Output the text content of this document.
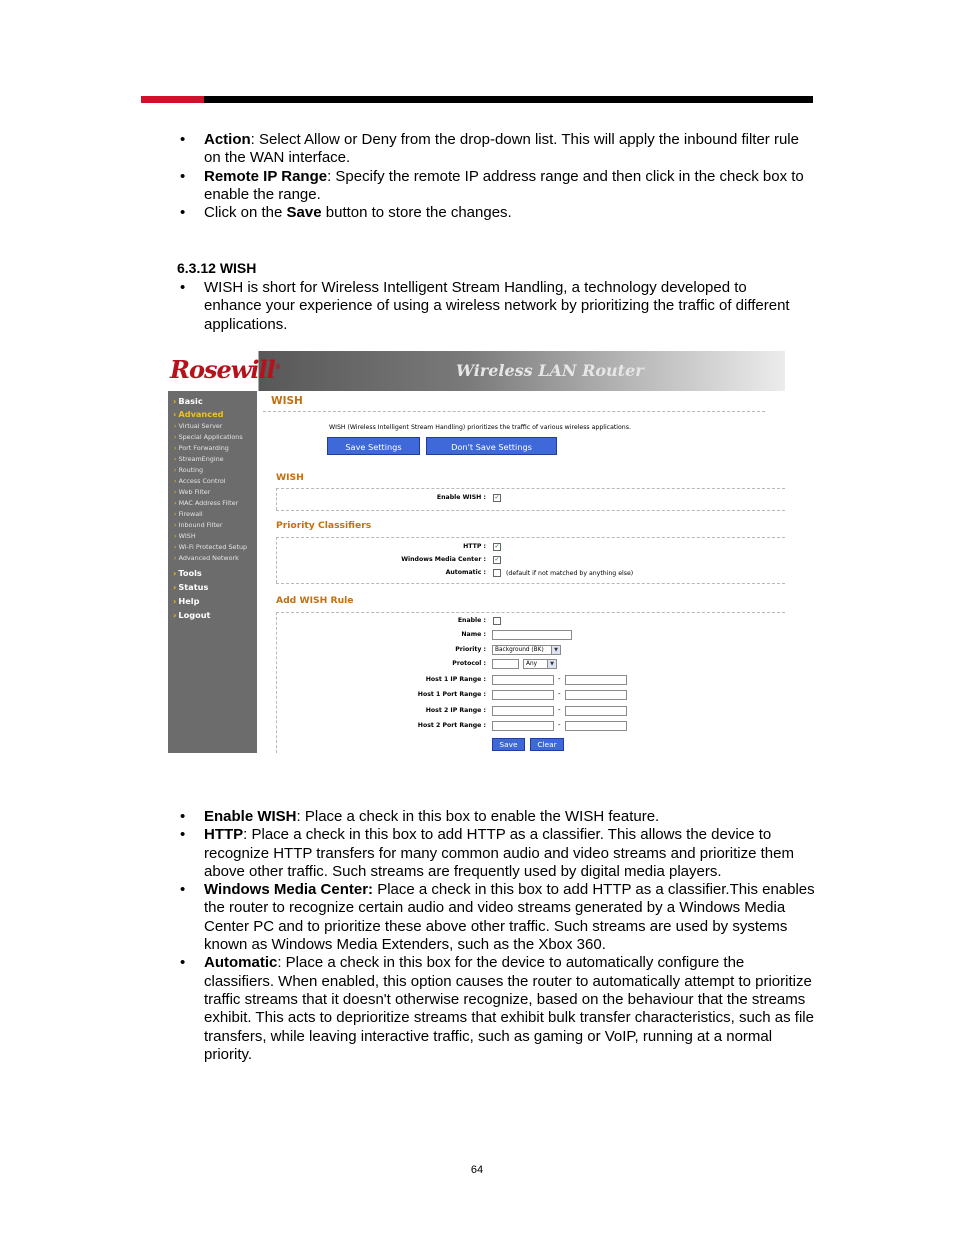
• Action: Select Allow or Deny from the drop-down list. This will apply the inbound filter rule on the WAN interface.
• Remote IP Range: Specify the remote IP address range and then click in the check box to enable the range.
• Click on the Save button to store the changes.
6.3.12 WISH
• WISH is short for Wireless Intelligent Stream Handling, a technology developed to enhance your experience of using a wireless network by prioritizing the traffic of different applications.
Rosewill®	Wireless LAN Router
› Basic
› Advanced
› Virtual Server
› Special Applications
› Port Forwarding
› StreamEngine
› Routing
› Access Control
› Web Filter
› MAC Address Filter
› Firewall
› Inbound Filter
› WISH
› Wi-Fi Protected Setup
› Advanced Network
› Tools
› Status
› Help
› Logout
WISH
WISH (Wireless Intelligent Stream Handling) prioritizes the traffic of various wireless applications.
Save Settings	Don't Save Settings
WISH
Enable WISH : ✓
Priority Classifiers
HTTP : ✓
Windows Media Center : ✓
Automatic :	(default if not matched by anything else)
Add WISH Rule
Enable :
Name :
Priority :	Background (BK)	▼
Protocol :	Any	▼
Host 1 IP Range :	-
Host 1 Port Range :	-
Host 2 IP Range :	-
Host 2 Port Range :	-
Save	Clear
• Enable WISH: Place a check in this box to enable the WISH feature.
• HTTP: Place a check in this box to add HTTP as a classifier. This allows the device to recognize HTTP transfers for many common audio and video streams and prioritize them above other traffic. Such streams are frequently used by digital media players.
• Windows Media Center: Place a check in this box to add HTTP as a classifier.This enables the router to recognize certain audio and video streams generated by a Windows Media Center PC and to prioritize these above other traffic. Such streams are used by systems known as Windows Media Extenders, such as the Xbox 360.
• Automatic: Place a check in this box for the device to automatically configure the classifiers. When enabled, this option causes the router to automatically attempt to prioritize traffic streams that it doesn't otherwise recognize, based on the behaviour that the streams exhibit. This acts to deprioritize streams that exhibit bulk transfer characteristics, such as file transfers, while leaving interactive traffic, such as gaming or VoIP, running at a normal priority.
64
